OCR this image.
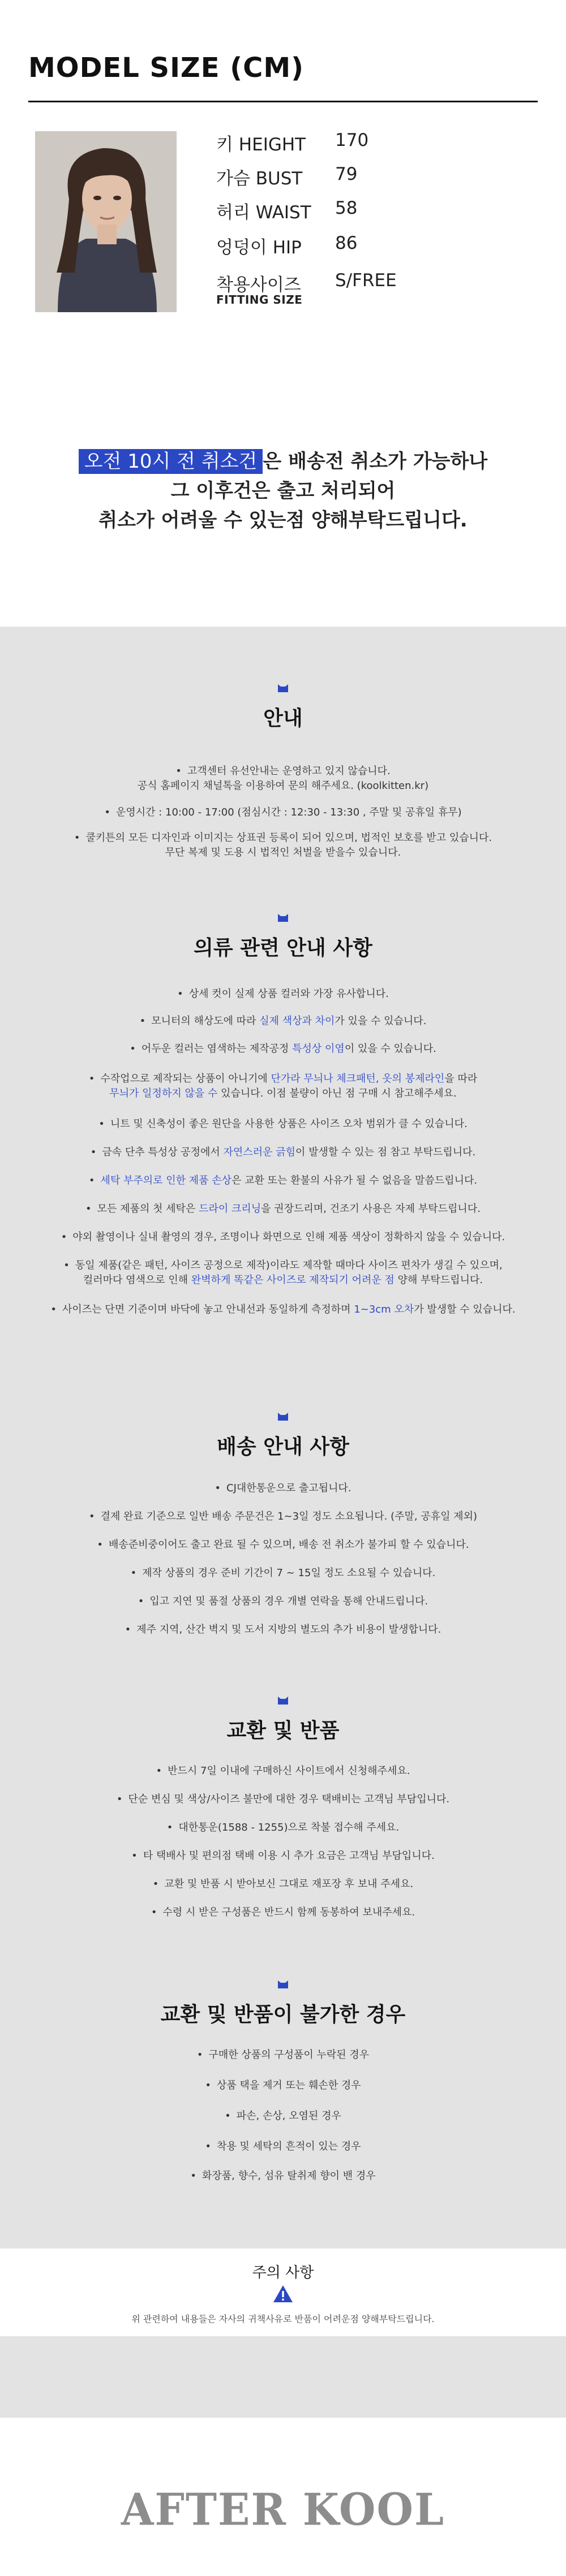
MODEL SIZE (CM)
키 HEIGHT 170
가슴 BUST 79
허리 WAIST 58
엉덩이 HIP 86
착용사이즈 S/FREE
FITTING SIZE
오전 10시 전 취소건 은 배송전 취소가 가능하나
그 이후건은 출고 처리되어
취소가 어려울 수 있는점 양해부탁드립니다.
안내
• 고객센터 유선안내는 운영하고 있지 않습니다.
공식 홈페이지 채널톡을 이용하여 문의 해주세요. (koolkitten.kr)
• 운영시간 : 10:00 - 17:00 (점심시간 : 12:30 - 13:30 , 주말 및 공휴일 휴무)
• 쿨키튼의 모든 디자인과 이미지는 상표권 등록이 되어 있으며, 법적인 보호를 받고 있습니다.
무단 복제 및 도용 시 법적인 처벌을 받을수 있습니다.
의류 관련 안내 사항
• 상세 컷이 실제 상품 컬러와 가장 유사합니다.
• 모니터의 해상도에 따라 실제 색상과 차이가 있을 수 있습니다.
• 어두운 컬러는 염색하는 제작공정 특성상 이염이 있을 수 있습니다.
• 수작업으로 제작되는 상품이 아니기에 단가라 무늬나 체크패턴, 옷의 봉제라인을 따라
무늬가 일정하지 않을 수 있습니다. 이점 불량이 아닌 점 구매 시 참고해주세요.
• 니트 및 신축성이 좋은 원단을 사용한 상품은 사이즈 오차 범위가 클 수 있습니다.
• 금속 단추 특성상 공정에서 자연스러운 긁힘이 발생할 수 있는 점 참고 부탁드립니다.
• 세탁 부주의로 인한 제품 손상은 교환 또는 환불의 사유가 될 수 없음을 말씀드립니다.
• 모든 제품의 첫 세탁은 드라이 크리닝을 권장드리며, 건조기 사용은 자제 부탁드립니다.
• 야외 촬영이나 실내 촬영의 경우, 조명이나 화면으로 인해 제품 색상이 정확하지 않을 수 있습니다.
• 동일 제품(같은 패턴, 사이즈 공정으로 제작)이라도 제작할 때마다 사이즈 편차가 생길 수 있으며,
컬러마다 염색으로 인해 완벽하게 똑같은 사이즈로 제작되기 어려운 점 양해 부탁드립니다.
• 사이즈는 단면 기준이며 바닥에 놓고 안내선과 동일하게 측정하며 1~3cm 오차가 발생할 수 있습니다.
배송 안내 사항
• CJ대한통운으로 출고됩니다.
• 결제 완료 기준으로 일반 배송 주문건은 1~3일 정도 소요됩니다. (주말, 공휴일 제외)
• 배송준비중이어도 출고 완료 될 수 있으며, 배송 전 취소가 불가피 할 수 있습니다.
• 제작 상품의 경우 준비 기간이 7 ~ 15일 정도 소요될 수 있습니다.
• 입고 지연 및 품절 상품의 경우 개별 연락을 통해 안내드립니다.
• 제주 지역, 산간 벽지 및 도서 지방의 별도의 추가 비용이 발생합니다.
교환 및 반품
• 반드시 7일 이내에 구매하신 사이트에서 신청해주세요.
• 단순 변심 및 색상/사이즈 불만에 대한 경우 택배비는 고객님 부담입니다.
• 대한통운(1588 - 1255)으로 착불 접수해 주세요.
• 타 택배사 및 편의점 택배 이용 시 추가 요금은 고객님 부담입니다.
• 교환 및 반품 시 받아보신 그대로 재포장 후 보내 주세요.
• 수령 시 받은 구성품은 반드시 함께 동봉하여 보내주세요.
교환 및 반품이 불가한 경우
• 구매한 상품의 구성품이 누락된 경우
• 상품 택을 제거 또는 훼손한 경우
• 파손, 손상, 오염된 경우
• 착용 및 세탁의 흔적이 있는 경우
• 화장품, 향수, 섬유 탈취제 향이 밴 경우
주의 사항
위 관련하여 내용들은 자사의 귀책사유로 반품이 어려운점 양해부탁드립니다.
AFTER KOOL
